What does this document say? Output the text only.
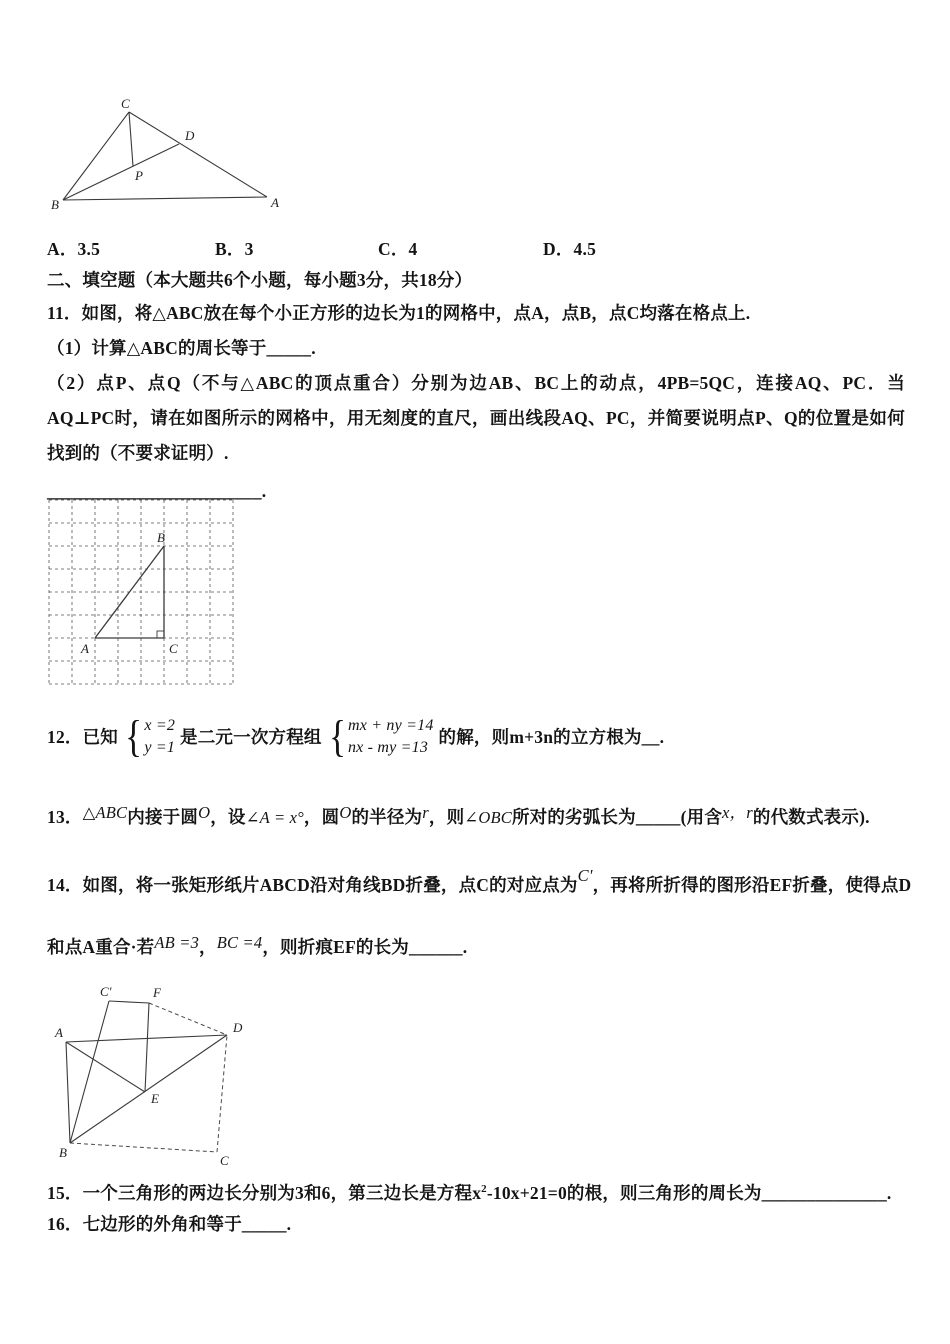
C
D
P
B	A
A．3.5	B．3	C．4	D．4.5
二、填空题（本大题共6个小题，每小题3分，共18分）
11．如图，将△ABC放在每个小正方形的边长为1的网格中，点A，点B，点C均落在格点上.
（1）计算△ABC的周长等于_____.
（2）点P、点Q（不与△ABC的顶点重合）分别为边AB、BC上的动点，4PB=5QC，连接AQ、PC．当AQ⊥PC时，请在如图所示的网格中，用无刻度的直尺，画出线段AQ、PC，并简要说明点P、Q的位置是如何找到的（不要求证明）.
________________________.
B
A	C
12．已知 { x =2
y =1
是二元一次方程组 { mx + ny =14
nx - my =13
的解，则m+3n的立方根为__.
13．△ABC内接于圆O，设∠A = x°，圆O的半径为r，则∠OBC所对的劣弧长为_____(用含x，r的代数式表示).
14．如图，将一张矩形纸片ABCD沿对角线BD折叠，点C的对应点为C'，再将所折得的图形沿EF折叠，使得点D
和点A重合·若AB =3，BC =4，则折痕EF的长为______.
C'	F
A	D
E
B
C
15．一个三角形的两边长分别为3和6，第三边长是方程$x^2-10x+21=0$的根，则三角形的周长为______________.
16．七边形的外角和等于_____.
